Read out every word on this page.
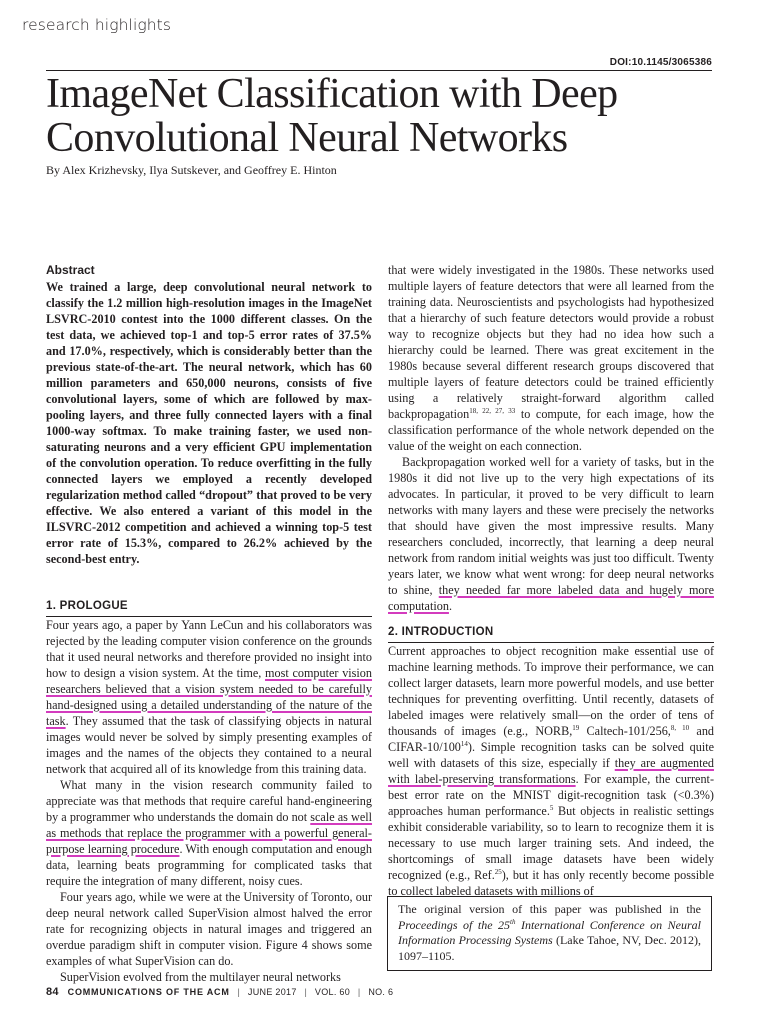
research highlights
DOI:10.1145/3065386
ImageNet Classification with Deep Convolutional Neural Networks
By Alex Krizhevsky, Ilya Sutskever, and Geoffrey E. Hinton
Abstract

We trained a large, deep convolutional neural network to classify the 1.2 million high-resolution images in the ImageNet LSVRC-2010 contest into the 1000 different classes. On the test data, we achieved top-1 and top-5 error rates of 37.5% and 17.0%, respectively, which is considerably better than the previous state-of-the-art. The neural network, which has 60 million parameters and 650,000 neurons, consists of five convolutional layers, some of which are followed by max-pooling layers, and three fully connected layers with a final 1000-way softmax. To make training faster, we used non-saturating neurons and a very efficient GPU implementation of the convolution operation. To reduce overfitting in the fully connected layers we employed a recently developed regularization method called “dropout” that proved to be very effective. We also entered a variant of this model in the ILSVRC-2012 competition and achieved a winning top-5 test error rate of 15.3%, compared to 26.2% achieved by the second-best entry.

1. PROLOGUE

Four years ago, a paper by Yann LeCun and his collaborators was rejected by the leading computer vision conference on the grounds that it used neural networks and therefore provided no insight into how to design a vision system. At the time, most computer vision researchers believed that a vision system needed to be carefully hand-designed using a detailed understanding of the nature of the task. They assumed that the task of classifying objects in natural images would never be solved by simply presenting examples of images and the names of the objects they contained to a neural network that acquired all of its knowledge from this training data.

What many in the vision research community failed to appreciate was that methods that require careful hand-engineering by a programmer who understands the domain do not scale as well as methods that replace the programmer with a powerful general-purpose learning procedure. With enough computation and enough data, learning beats programming for complicated tasks that require the integration of many different, noisy cues.

Four years ago, while we were at the University of Toronto, our deep neural network called SuperVision almost halved the error rate for recognizing objects in natural images and triggered an overdue paradigm shift in computer vision. Figure 4 shows some examples of what SuperVision can do.

SuperVision evolved from the multilayer neural networks

that were widely investigated in the 1980s. These networks used multiple layers of feature detectors that were all learned from the training data. Neuroscientists and psychologists had hypothesized that a hierarchy of such feature detectors would provide a robust way to recognize objects but they had no idea how such a hierarchy could be learned. There was great excitement in the 1980s because several different research groups discovered that multiple layers of feature detectors could be trained efficiently using a relatively straight-forward algorithm called backpropagation$^{18, 22, 27, 33}$ to compute, for each image, how the classification performance of the whole network depended on the value of the weight on each connection.

Backpropagation worked well for a variety of tasks, but in the 1980s it did not live up to the very high expectations of its advocates. In particular, it proved to be very difficult to learn networks with many layers and these were precisely the networks that should have given the most impressive results. Many researchers concluded, incorrectly, that learning a deep neural network from random initial weights was just too difficult. Twenty years later, we know what went wrong: for deep neural networks to shine, they needed far more labeled data and hugely more computation.

2. INTRODUCTION

Current approaches to object recognition make essential use of machine learning methods. To improve their performance, we can collect larger datasets, learn more powerful models, and use better techniques for preventing overfitting. Until recently, datasets of labeled images were relatively small—on the order of tens of thousands of images (e.g., NORB,$^{19}$ Caltech-101/256,$^{8, 10}$ and CIFAR-$10/100^{14}$). Simple recognition tasks can be solved quite well with datasets of this size, especially if they are augmented with label-preserving transformations. For example, the current-best error rate on the MNIST digit-recognition task (<0.3%) approaches human performance.$^5$ But objects in realistic settings exhibit considerable variability, so to learn to recognize them it is necessary to use much larger training sets. And indeed, the shortcomings of small image datasets have been widely recognized (e.g., Ref.$^{25}$), but it has only recently become possible to collect labeled datasets with millions of

The original version of this paper was published in the Proceedings of the 25th International Conference on Neural Information Processing Systems (Lake Tahoe, NV, Dec. 2012), 1097–1105.
84 COMMUNICATIONS OF THE ACM | JUNE 2017 | VOL. 60 | NO. 6
